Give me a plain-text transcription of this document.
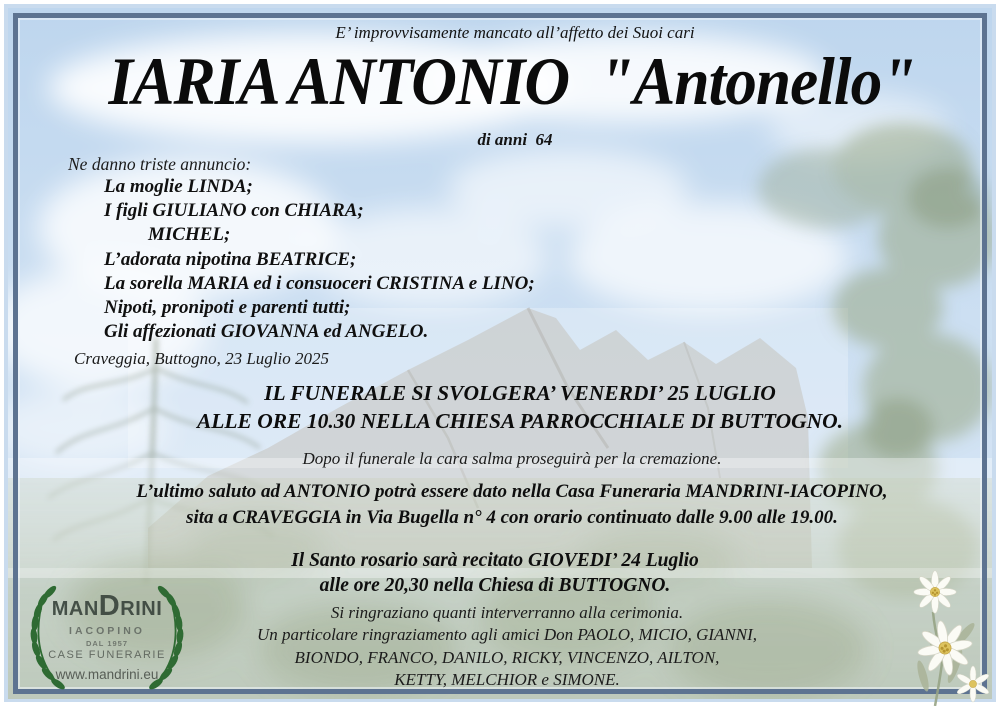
E’ improvvisamente mancato all’affetto dei Suoi cari
IARIA ANTONIO  "Antonello"
di anni  64
Ne danno triste annuncio:
La moglie LINDA;
I figli GIULIANO con CHIARA;
MICHEL;
L’adorata nipotina BEATRICE;
La sorella MARIA ed i consuoceri CRISTINA e LINO;
Nipoti, pronipoti e parenti tutti;
Gli affezionati GIOVANNA ed ANGELO.
Craveggia, Buttogno, 23 Luglio 2025
IL FUNERALE SI SVOLGERA’ VENERDI’ 25 LUGLIO
ALLE ORE 10.30 NELLA CHIESA PARROCCHIALE DI BUTTOGNO.
Dopo il funerale la cara salma proseguirà per la cremazione.
L’ultimo saluto ad ANTONIO potrà essere dato nella Casa Funeraria MANDRINI-IACOPINO,
sita a CRAVEGGIA in Via Bugella n° 4 con orario continuato dalle 9.00 alle 19.00.
Il Santo rosario sarà recitato GIOVEDI’ 24 Luglio
alle ore 20,30 nella Chiesa di BUTTOGNO.
Si ringraziano quanti interverranno alla cerimonia.
Un particolare ringraziamento agli amici Don PAOLO, MICIO, GIANNI,
BIONDO, FRANCO, DANILO, RICKY, VINCENZO, AILTON,
KETTY, MELCHIOR e SIMONE.
MANDRINI
IACOPINO
DAL 1957
CASE FUNERARIE
www.mandrini.eu
